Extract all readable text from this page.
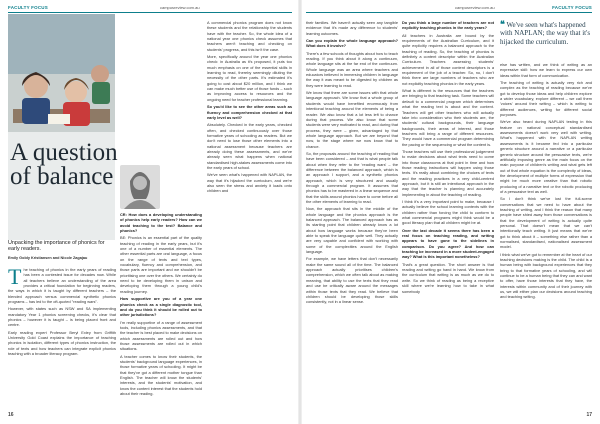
FACULTY FOCUS	campusreview.com.au	FACULTY FOCUS
campusreview.com.au
A question of balance
Unpacking the importance of phonics for early readers.
Emily Goldy Kristiansen and Nicole Zagajau

The teaching of phonics in the early years of reading has been a contested issue for decades now. While all teachers believe an understanding of the area provides a critical foundation for beginning readers, the ways in which it is taught by different teachers – the blended approach versus commercial synthetic phonics programs – has led to the oft-quoted "reading wars".

However, with states such as NSW and SA implementing mandatory Year 1 phonics screening checks, it's clear that phonics – however it is taught – is being placed front and centre.

Early reading expert Professor Beryl Exley from Griffith University Gold Coast explains the importance of teaching phonics in isolation, different types of phonics instruction, the role of texts and how teachers can integrate explicit phonics teaching with a broader literacy program.

CR: How does a developing understanding of phonics help early readers? How can we avoid teaching to the test? Balance and phonics?

BE: Phonics is an essential part of the quality teaching of reading in the early years, but it's one of a number of essential elements. The other essential parts are oral language, a focus on the range of texts and text types, vocabulary, fluency and comprehension, and those parts are important and we shouldn't be prioritising one over the others. We certainly do need to be developing them in unison and developing them through a young child's reading journey.

How supportive are you of a year one phonics check as a single diagnostic tool, and do you think it should be rolled out to other jurisdictions?

I'm really supportive of a range of assessment tools, including phonics assessments, and that the teacher is best placed to make decisions on which assessments are rolled out and how those assessments are rolled out in which situations.

A teacher comes to know their students, the students' background language experiences, in those formative years of schooling. It might be that they've got a different mother tongue than English. The teacher will know the students' interests, and the students' motivation, and know the content interest that the students hold about their reading.

A commercial phonics program does not know these students and the relationship the students have with the teacher. So, the whole idea of a national year one phonics check assumes that teachers aren't teaching and checking on students' progress, and this isn't the case.

More, specifically around the year one phonics check: in Australia as it's proposed, it puts too much emphasis on one of the essential skills in learning to read, thereby seemingly diluting the necessity of the other parts. It's estimated it's going to cost about $20 million, and I think we can make much better use of those funds – such as improving access to resources and the ongoing need for teacher professional learning.

So you'd like to see the other areas such as fluency and comprehension checked at that early level as well?

Absolutely. Checked in the early years, checked often, and checked continuously over those formative years of schooling as readers. But we don't need to lose those other elements into a national assessment because teachers are already doing these assessments, and we've already seen what happens when national standardised high-stakes assessments come into the early years of school.

We've seen what's happened with NAPLAN, the way that it's hijacked the curriculum, and we're also seen the stress and anxiety it loads onto children and

their families. We haven't actually seen any tangible evidence that it's made any difference to students' learning outcomes.

Can you explain the whole language approach? What does it involve?

There's a few schools of thoughts about how to teach reading. If you think about it along a continuum, whole language sits at the far end of the continuum. Whole language was an area where teachers and educators believed in immersing children in language the way it was meant to be digested by children as they were learning to read.

We know that there are some issues with that whole language approach. We know that a whole group of students would have benefited enormously from intentional teaching around the elements of being a reader. We also know that a lot less left to chance during that process. We also know that some students were very motivated to read, and during that process, they were – given, advantaged by that whole language approach. But we are beyond that now, to the stage where we now know that to chance.

So, the proposals around the teaching of reading that have been considered – and that is what people talk about when they refer to the 'reading wars' – the difference between the balanced approach, which is an approach I support, and a synthetic phonics approach, which is very structured and usually through a commercial program. It assumes that phonics has to be mastered in a linear sequence and that the skills around phonics have to come before all the other elements of learning to read.

Now, the approach that sits in the middle of the whole language and the phonics approach is the balanced approach. The balanced approach has as its starting point that children already know a lot about how language works because they've been able to speak the language quite well. They actually are very capable and confident with working with some of the complexities around the English language.

For example, we have letters that don't necessarily make the same sound all of the time. The balanced approach actually prioritises children's comprehension, which we often talk about as making meaning, that ability to use the texts that they read and use be critically aware around the messages within those texts that they read. We believe that children should be developing those skills consistently, not in a linear sense.

Do you think a large number of teachers are not explicitly teaching phonics in the early years?

All teachers in Australia are bound by the requirements of the Australian Curriculum, and it quite explicitly requires a balanced approach to the teaching of reading. So, the teaching of phonics is definitely a content descriptor within the Australian Curriculum. Teachers assessing students' achievement in all of those content descriptors is a requirement of the job of a teacher. So, no, I don't think there are large numbers of teachers who are not explicitly teaching phonics in the early years.

What is different is the resources that the teachers are bringing to that teaching task. Some teachers will default to a commercial program which determines what the reading text is about and the content. Teachers will get other teachers who will actually take into consideration who their students are, the students' cultural backgrounds, their language backgrounds, their areas of interest, and those teachers will bring a range of different resources. They would have a commercial program determining the pacing or the sequencing or what the content is.

Those teachers will use their professional judgement to make decisions about what texts need to come into those classrooms at that point in time and how those reading instructions will happen using those texts. It's really about combining the choices of texts and the reading practices in a very child-centred approach, but it is still an intentional approach in the way that the teacher is planning and accurately implementing in about the teaching of reading.

I think it's a very important point to make, because I actually believe the school learning contexts with the children rather than forcing the child to conform to what commercial programs might think would be a good literacy plan that all children might be at.

Over the last decade it seems there has been a real focus on teaching reading, and writing appears to have gone to the sidelines in comparison. Do you agree? And how can teaching be increased in a more student-engaged way? What is this important nonetheless?

That's a great question. The short answer is that reading and writing go hand in hand. We know from the curriculum that writing is as much as we do to write. So we think of reading as being a receptive skill where we're learning how to take in what somebody

❝ We've seen what's happened with NAPLAN; the way that it's hijacked the curriculum.

else has written, and we think of writing as an expressive skill: how we learn to express our own ideas within that form of communication.

The teaching of writing is actually very rich and complex as the teaching of reading because we've got to develop those ideas and help children explore a wider vocabulary, explore different – we call them 'voices' around their writing – which is writing to different audiences, writing for different social purposes.

We've also heard during NAPLAN testing in this feature on national conceptual standardised assessments doesn't work very well with writing. What's happened with the NAPLAN writing assessments is it became fed into a particular generic structure around a narrative or a particular generic structure around the persuasive texts, we're artificially imposing genre as the main focus on the main purpose of children's writing and what gets left out of that whole equation is the complexity of ideas, the development of multiple forms of expression that might be much more creative than that robotic producing of a narrative text or the robotic producing of a persuasive text as well.

So I don't think we've lost the full-scene conversations that we need to have about the teaching of writing, and I think the reason that many people have shied away from those conversations is that the development of writing is actually quite personal. That doesn't mean that we can't intentionally teach writing. It just means that we've got to think about it – something else rather than a normalised, standardised, nationalised assessment model.

I think what we've got to remember at the heart of our teaching decisions making is the child. The child is a human being with background experiences that they bring to that formative years of schooling, and will continue to be a human being that they can and want to offer, have those interests that they have, the interests within community and of their journey with us, we will either plan our decisions around teaching and teaching writing.

16	17
